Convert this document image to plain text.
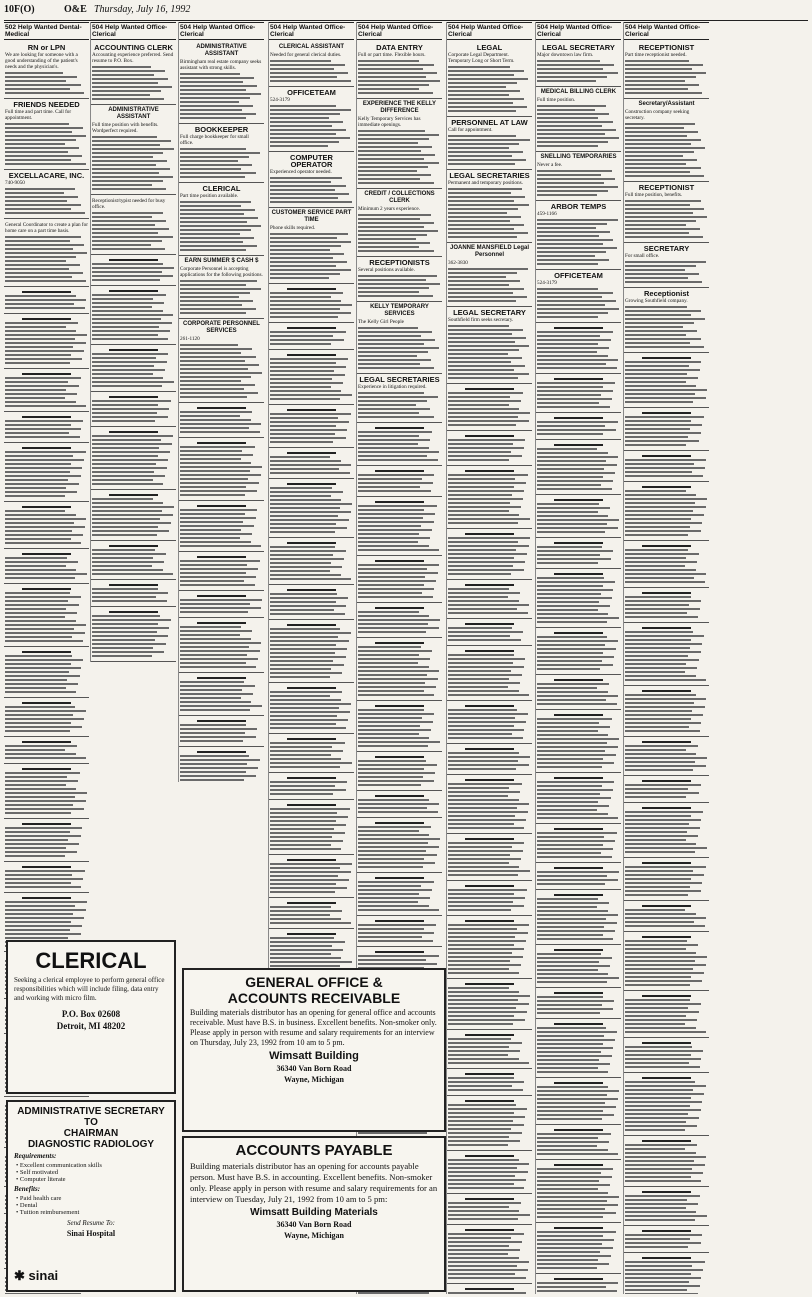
10F(O)	O&E Thursday, July 16, 1992
502 Help Wanted Dental-Medical
RN or LPN

We are looking for someone with a good understanding of the patient's needs and the physician's.

FRIENDS NEEDED

Full time and part time. Call for appointment.

EXCELLACARE, INC.

740-9050

General Coordinator to create a plan for home care on a part time basis.

504 Help Wanted Office-Clerical
ACCOUNTING CLERK

Accounting experience preferred. Send resume to P.O. Box.

ADMINISTRATIVE ASSISTANT

Full time position with benefits. Wordperfect required.

Receptionist/typist needed for busy office.

504 Help Wanted Office-Clerical
ADMINISTRATIVE ASSISTANT

Birmingham real estate company seeks assistant with strong skills.

BOOKKEEPER

Full charge bookkeeper for small office.

CLERICAL

Part time position available.

EARN SUMMER $ CASH $

Corporate Personnel is accepting applications for the following positions.

CORPORATE PERSONNEL SERVICES

261-1120

504 Help Wanted Office-Clerical
CLERICAL ASSISTANT

Needed for general clerical duties.

OFFICETEAM

524-3179

COMPUTER OPERATOR

Experienced operator needed.

CUSTOMER SERVICE PART TIME

Phone skills required.

504 Help Wanted Office-Clerical
DATA ENTRY

Full or part time. Flexible hours.

EXPERIENCE THE KELLY DIFFERENCE

Kelly Temporary Services has immediate openings.

CREDIT / COLLECTIONS CLERK

Minimum 2 years experience.

RECEPTIONISTS

Several positions available.

KELLY TEMPORARY SERVICES

The Kelly Girl People

LEGAL SECRETARIES

Experience in litigation required.

504 Help Wanted Office-Clerical
LEGAL

Corporate Legal Department. Temporary Long or Short Term.

PERSONNEL AT LAW

Call for appointment.

LEGAL SECRETARIES

Permanent and temporary positions.

JOANNE MANSFIELD Legal Personnel

362-3830

LEGAL SECRETARY

Southfield firm seeks secretary.

504 Help Wanted Office-Clerical
LEGAL SECRETARY

Major downtown law firm.

MEDICAL BILLING CLERK

Full time position.

SNELLING TEMPORARIES

Never a fee.

ARBOR TEMPS

459-1166

OFFICETEAM

524-3179

504 Help Wanted Office-Clerical
RECEPTIONIST

Part time receptionist needed.

Secretary/Assistant

Construction company seeking secretary.

RECEPTIONIST

Full time position, benefits.

SECRETARY

For small office.

Receptionist

Growing Southfield company.

CLERICAL

Seeking a clerical employee to perform general office responsibilities which will include filing, data entry and working with micro film.

P.O. Box 02608

Detroit, MI 48202

ADMINISTRATIVE SECRETARY
TO
CHAIRMAN
DIAGNOSTIC RADIOLOGY

Requirements:

• Excellent communication skills

• Self motivated

• Computer literate

Benefits:

• Paid health care

• Dental

• Tuition reimbursement

Send Resume To:

Sinai Hospital

✱ sinai
GENERAL OFFICE &
ACCOUNTS RECEIVABLE

Building materials distributor has an opening for general office and accounts receivable. Must have B.S. in business. Excellent benefits. Non-smoker only. Please apply in person with resume and salary requirements for an interview on Thursday, July 23, 1992 from 10 am to 5 pm.

Wimsatt Building

36340 Van Born Road

Wayne, Michigan

ACCOUNTS PAYABLE

Building materials distributor has an opening for accounts payable person. Must have B.S. in accounting. Excellent benefits. Non-smoker only. Please apply in person with resume and salary requirements for an interview on Tuesday, July 21, 1992 from 10 am to 5 pm:

Wimsatt Building Materials

36340 Van Born Road

Wayne, Michigan
